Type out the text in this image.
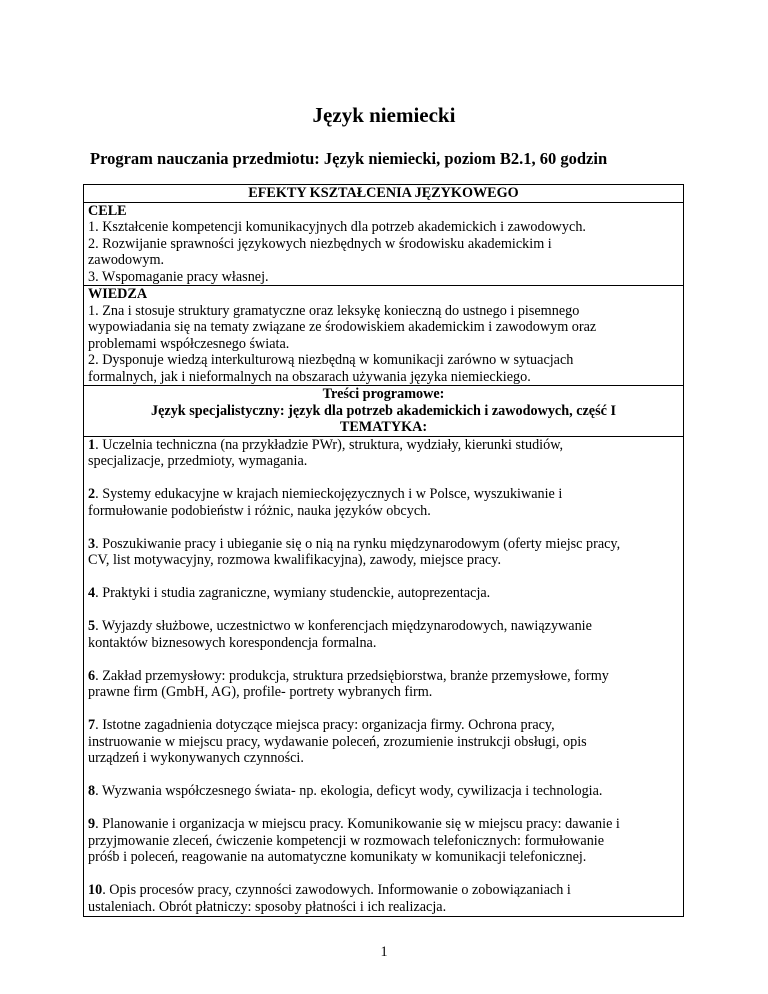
Język niemiecki

Program nauczania przedmiotu: Język niemiecki, poziom B2.1, 60 godzin

EFEKTY KSZTAŁCENIA JĘZYKOWEGO
CELE
1. Kształcenie kompetencji komunikacyjnych dla potrzeb akademickich i zawodowych.
2. Rozwijanie sprawności językowych niezbędnych w środowisku akademickim i
zawodowym.
3. Wspomaganie pracy własnej.
WIEDZA
1. Zna i stosuje struktury gramatyczne oraz leksykę konieczną do ustnego i pisemnego
wypowiadania się na tematy związane ze środowiskiem akademickim i zawodowym oraz
problemami współczesnego świata.
2. Dysponuje wiedzą interkulturową niezbędną w komunikacji zarówno w sytuacjach
formalnych, jak i nieformalnych na obszarach używania języka niemieckiego.
Treści programowe:
Język specjalistyczny: język dla potrzeb akademickich i zawodowych, część I
TEMATYKA:
1. Uczelnia techniczna (na przykładzie PWr), struktura, wydziały, kierunki studiów,
specjalizacje, przedmioty, wymagania.
2. Systemy edukacyjne w krajach niemieckojęzycznych i w Polsce, wyszukiwanie i
formułowanie podobieństw i różnic, nauka języków obcych.
3. Poszukiwanie pracy i ubieganie się o nią na rynku międzynarodowym (oferty miejsc pracy,
CV, list motywacyjny, rozmowa kwalifikacyjna), zawody, miejsce pracy.
4. Praktyki i studia zagraniczne, wymiany studenckie, autoprezentacja.
5. Wyjazdy służbowe, uczestnictwo w konferencjach międzynarodowych, nawiązywanie
kontaktów biznesowych korespondencja formalna.
6. Zakład przemysłowy: produkcja, struktura przedsiębiorstwa, branże przemysłowe, formy
prawne firm (GmbH, AG), profile- portrety wybranych firm.
7. Istotne zagadnienia dotyczące miejsca pracy: organizacja firmy. Ochrona pracy,
instruowanie w miejscu pracy, wydawanie poleceń, zrozumienie instrukcji obsługi, opis
urządzeń i wykonywanych czynności.
8. Wyzwania współczesnego świata- np. ekologia, deficyt wody, cywilizacja i technologia.
9. Planowanie i organizacja w miejscu pracy. Komunikowanie się w miejscu pracy: dawanie i
przyjmowanie zleceń, ćwiczenie kompetencji w rozmowach telefonicznych: formułowanie
próśb i poleceń, reagowanie na automatyczne komunikaty w komunikacji telefonicznej.
10. Opis procesów pracy, czynności zawodowych. Informowanie o zobowiązaniach i
ustaleniach. Obrót płatniczy: sposoby płatności i ich realizacja.
1
